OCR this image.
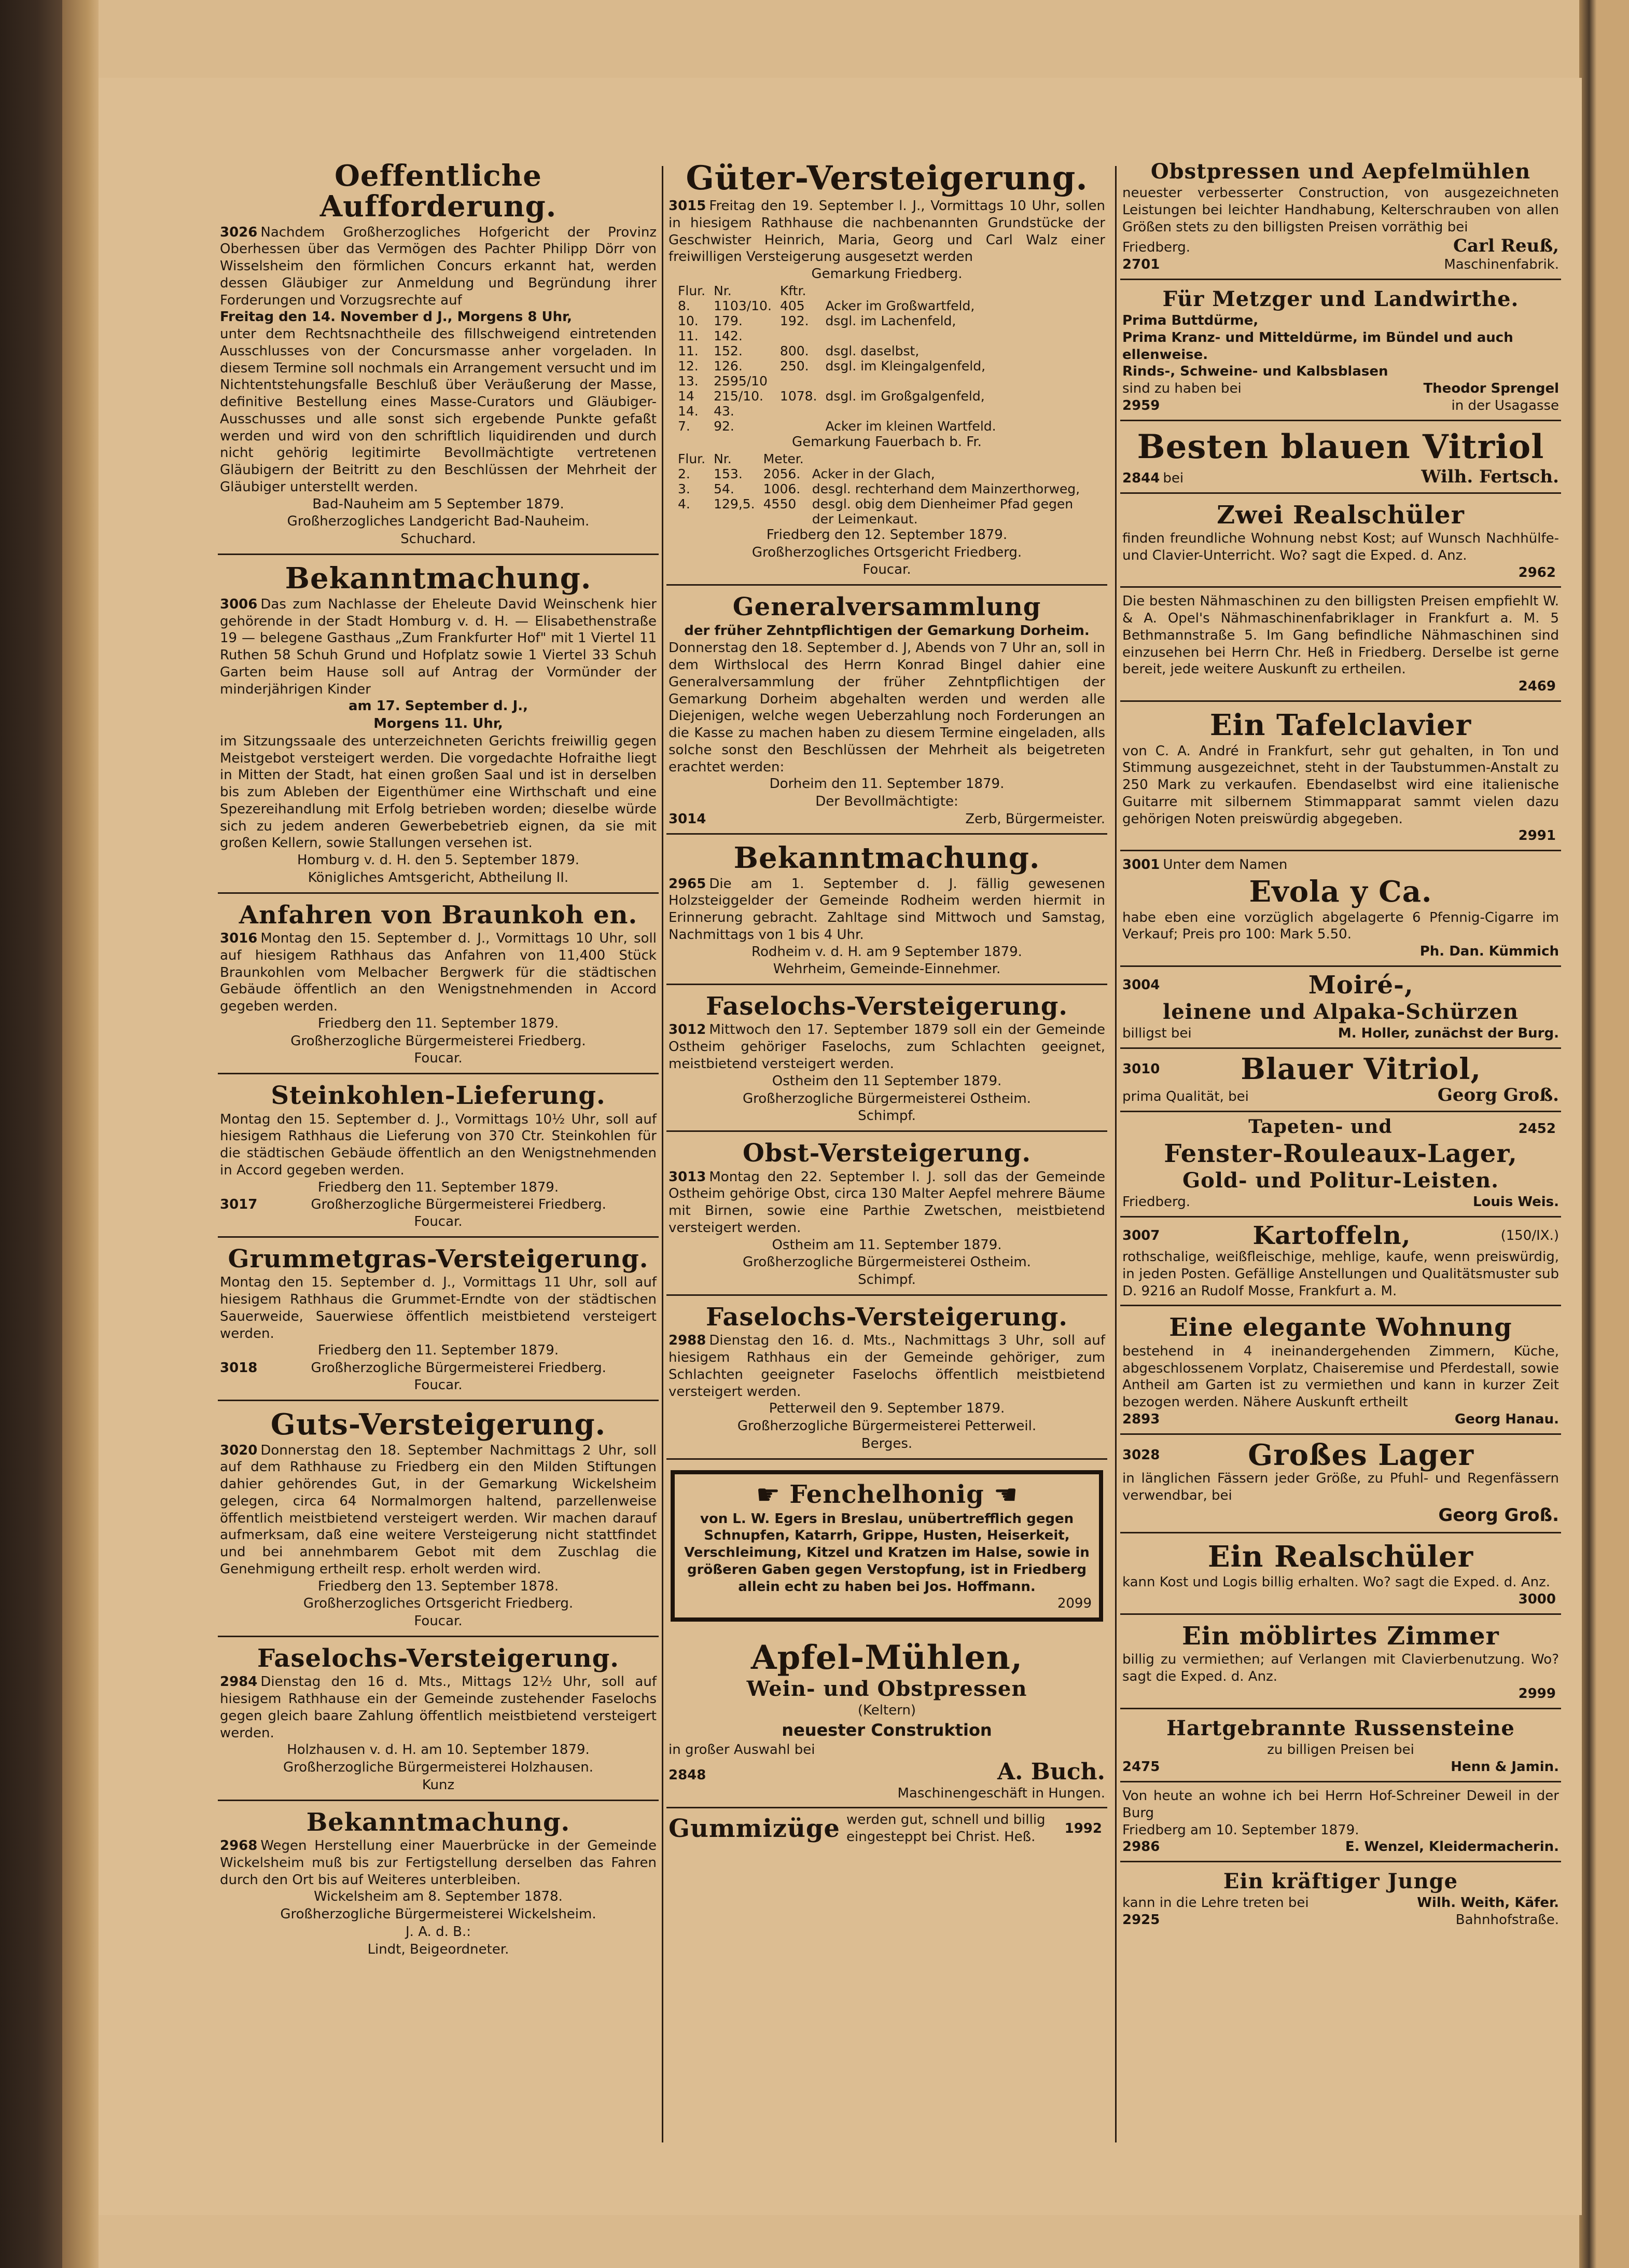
Oeffentliche Aufforderung.
3026 Nachdem Großherzogliches Hofgericht der Provinz Oberhessen über das Vermögen des Pachter Philipp Dörr von Wisselsheim den förmlichen Concurs erkannt hat, werden dessen Gläubiger zur Anmeldung und Begründung ihrer Forderungen und Vorzugsrechte auf
Freitag den 14. November d J., Morgens 8 Uhr,
unter dem Rechtsnachtheile des fillschweigend eintretenden Ausschlusses von der Concursmasse anher vorgeladen. In diesem Termine soll nochmals ein Arrangement versucht und im Nichtentstehungsfalle Beschluß über Veräußerung der Masse, definitive Bestellung eines Masse-Curators und Gläubiger-Ausschusses und alle sonst sich ergebende Punkte gefaßt werden und wird von den schriftlich liquidirenden und durch nicht gehörig legitimirte Bevollmächtigte vertretenen Gläubigern der Beitritt zu den Beschlüssen der Mehrheit der Gläubiger unterstellt werden.
Bad-Nauheim am 5 September 1879.
Großherzogliches Landgericht Bad-Nauheim.
Schuchard.
Bekanntmachung.
3006 Das zum Nachlasse der Eheleute David Weinschenk hier gehörende in der Stadt Homburg v. d. H. — Elisabethenstraße 19 — belegene Gasthaus „Zum Frankfurter Hof" mit 1 Viertel 11 Ruthen 58 Schuh Grund und Hofplatz sowie 1 Viertel 33 Schuh Garten beim Hause soll auf Antrag der Vormünder der minderjährigen Kinder
am 17. September d. J.,
Morgens 11. Uhr,
im Sitzungssaale des unterzeichneten Gerichts freiwillig gegen Meistgebot versteigert werden. Die vorgedachte Hofraithe liegt in Mitten der Stadt, hat einen großen Saal und ist in derselben bis zum Ableben der Eigenthümer eine Wirthschaft und eine Spezereihandlung mit Erfolg betrieben worden; dieselbe würde sich zu jedem anderen Gewerbebetrieb eignen, da sie mit großen Kellern, sowie Stallungen versehen ist.
Homburg v. d. H. den 5. September 1879.
Königliches Amtsgericht, Abtheilung II.
Anfahren von Braunkoh en.
3016 Montag den 15. September d. J., Vormittags 10 Uhr, soll auf hiesigem Rathhaus das Anfahren von 11,400 Stück Braunkohlen vom Melbacher Bergwerk für die städtischen Gebäude öffentlich an den Wenigstnehmenden in Accord gegeben werden.
Friedberg den 11. September 1879.
Großherzogliche Bürgermeisterei Friedberg.
Foucar.
Steinkohlen-Lieferung.
Montag den 15. September d. J., Vormittags 10½ Uhr, soll auf hiesigem Rathhaus die Lieferung von 370 Ctr. Steinkohlen für die städtischen Gebäude öffentlich an den Wenigstnehmenden in Accord gegeben werden.
Friedberg den 11. September 1879.
3017	Großherzogliche Bürgermeisterei Friedberg.
Foucar.
Grummetgras-Versteigerung.
Montag den 15. September d. J., Vormittags 11 Uhr, soll auf hiesigem Rathhaus die Grummet-Erndte von der städtischen Sauerweide, Sauerwiese öffentlich meistbietend versteigert werden.
Friedberg den 11. September 1879.
3018	Großherzogliche Bürgermeisterei Friedberg.
Foucar.
Guts-Versteigerung.
3020 Donnerstag den 18. September Nachmittags 2 Uhr, soll auf dem Rathhause zu Friedberg ein den Milden Stiftungen dahier gehörendes Gut, in der Gemarkung Wickelsheim gelegen, circa 64 Normalmorgen haltend, parzellenweise öffentlich meistbietend versteigert werden. Wir machen darauf aufmerksam, daß eine weitere Versteigerung nicht stattfindet und bei annehmbarem Gebot mit dem Zuschlag die Genehmigung ertheilt resp. erholt werden wird.
Friedberg den 13. September 1878.
Großherzogliches Ortsgericht Friedberg.
Foucar.
Faselochs-Versteigerung.
2984 Dienstag den 16 d. Mts., Mittags 12½ Uhr, soll auf hiesigem Rathhause ein der Gemeinde zustehender Faselochs gegen gleich baare Zahlung öffentlich meistbietend versteigert werden.
Holzhausen v. d. H. am 10. September 1879.
Großherzogliche Bürgermeisterei Holzhausen.
Kunz
Bekanntmachung.
2968 Wegen Herstellung einer Mauerbrücke in der Gemeinde Wickelsheim muß bis zur Fertigstellung derselben das Fahren durch den Ort bis auf Weiteres unterbleiben.
Wickelsheim am 8. September 1878.
Großherzogliche Bürgermeisterei Wickelsheim.
J. A. d. B.:
Lindt, Beigeordneter.
Güter-Versteigerung.
3015 Freitag den 19. September l. J., Vormittags 10 Uhr, sollen in hiesigem Rathhause die nachbenannten Grundstücke der Geschwister Heinrich, Maria, Georg und Carl Walz einer freiwilligen Versteigerung ausgesetzt werden
Gemarkung Friedberg.
Flur.	Nr.	Kftr.	
8.	1103/10.	405	Acker im Großwartfeld,
10.	179.	192.	dsgl. im Lachenfeld,
11.	142.		
11.	152.	800.	dsgl. daselbst,
12.	126.	250.	dsgl. im Kleingalgenfeld,
13.	2595/10		
14	215/10.	1078.	dsgl. im Großgalgenfeld,
14.	43.		
7.	92.		Acker im kleinen Wartfeld.
Gemarkung Fauerbach b. Fr.
Flur.	Nr.	Meter.	
2.	153.	2056.	Acker in der Glach,
3.	54.	1006.	desgl. rechterhand dem Mainzerthorweg,
4.	129,5.	4550	desgl. obig dem Dienheimer Pfad gegen der Leimenkaut.
Friedberg den 12. September 1879.
Großherzogliches Ortsgericht Friedberg.
Foucar.
Generalversammlung
der früher Zehntpflichtigen der Gemarkung Dorheim.
Donnerstag den 18. September d. J, Abends von 7 Uhr an, soll in dem Wirthslocal des Herrn Konrad Bingel dahier eine Generalversammlung der früher Zehntpflichtigen der Gemarkung Dorheim abgehalten werden und werden alle Diejenigen, welche wegen Ueberzahlung noch Forderungen an die Kasse zu machen haben zu diesem Termine eingeladen, alls solche sonst den Beschlüssen der Mehrheit als beigetreten erachtet werden:
Dorheim den 11. September 1879.
Der Bevollmächtigte:
3014	Zerb, Bürgermeister.
Bekanntmachung.
2965 Die am 1. September d. J. fällig gewesenen Holzsteiggelder der Gemeinde Rodheim werden hiermit in Erinnerung gebracht. Zahltage sind Mittwoch und Samstag, Nachmittags von 1 bis 4 Uhr.
Rodheim v. d. H. am 9 September 1879.
Wehrheim, Gemeinde-Einnehmer.
Faselochs-Versteigerung.
3012 Mittwoch den 17. September 1879 soll ein der Gemeinde Ostheim gehöriger Faselochs, zum Schlachten geeignet, meistbietend versteigert werden.
Ostheim den 11 September 1879.
Großherzogliche Bürgermeisterei Ostheim.
Schimpf.
Obst-Versteigerung.
3013 Montag den 22. September l. J. soll das der Gemeinde Ostheim gehörige Obst, circa 130 Malter Aepfel mehrere Bäume mit Birnen, sowie eine Parthie Zwetschen, meistbietend versteigert werden.
Ostheim am 11. September 1879.
Großherzogliche Bürgermeisterei Ostheim.
Schimpf.
Faselochs-Versteigerung.
2988 Dienstag den 16. d. Mts., Nachmittags 3 Uhr, soll auf hiesigem Rathhaus ein der Gemeinde gehöriger, zum Schlachten geeigneter Faselochs öffentlich meistbietend versteigert werden.
Petterweil den 9. September 1879.
Großherzogliche Bürgermeisterei Petterweil.
Berges.
☛ Fenchelhonig ☚
von L. W. Egers in Breslau, unübertrefflich gegen Schnupfen, Katarrh, Grippe, Husten, Heiserkeit, Verschleimung, Kitzel und Kratzen im Halse, sowie in größeren Gaben gegen Verstopfung, ist in Friedberg allein echt zu haben bei Jos. Hoffmann.
2099
Apfel-Mühlen,
Wein- und Obstpressen
(Keltern)
neuester Construktion
in großer Auswahl bei
2848	A. Buch.
Maschinengeschäft in Hungen.
Gummizüge werden gut, schnell und billig eingesteppt bei Christ. Heß.
1992
Obstpressen und Aepfelmühlen
neuester verbesserter Construction, von ausgezeichneten Leistungen bei leichter Handhabung, Kelterschrauben von allen Größen stets zu den billigsten Preisen vorräthig bei
Friedberg.	Carl Reuß,
2701	Maschinenfabrik.
Für Metzger und Landwirthe.
Prima Buttdürme,
Prima Kranz- und Mitteldürme, im Bündel und auch ellenweise.
Rinds-, Schweine- und Kalbsblasen
sind zu haben bei	Theodor Sprengel
2959	in der Usagasse
Besten blauen Vitriol
2844 bei	Wilh. Fertsch.
Zwei Realschüler
finden freundliche Wohnung nebst Kost; auf Wunsch Nachhülfe- und Clavier-Unterricht. Wo? sagt die Exped. d. Anz.
2962
Die besten Nähmaschinen zu den billigsten Preisen empfiehlt W. & A. Opel's Nähmaschinenfabriklager in Frankfurt a. M. 5 Bethmannstraße 5. Im Gang befindliche Nähmaschinen sind einzusehen bei Herrn Chr. Heß in Friedberg. Derselbe ist gerne bereit, jede weitere Auskunft zu ertheilen.
2469
Ein Tafelclavier
von C. A. André in Frankfurt, sehr gut gehalten, in Ton und Stimmung ausgezeichnet, steht in der Taubstummen-Anstalt zu 250 Mark zu verkaufen. Ebendaselbst wird eine italienische Guitarre mit silbernem Stimmapparat sammt vielen dazu gehörigen Noten preiswürdig abgegeben.
2991
3001 Unter dem Namen
Evola y Ca.
habe eben eine vorzüglich abgelagerte 6 Pfennig-Cigarre im Verkauf; Preis pro 100: Mark 5.50.
Ph. Dan. Kümmich
3004	Moiré-,
leinene und Alpaka-Schürzen
billigst bei	M. Holler, zunächst der Burg.
3010	Blauer Vitriol,
prima Qualität, bei	Georg Groß.
Tapeten- und	2452
Fenster-Rouleaux-Lager,
Gold- und Politur-Leisten.
Friedberg.	Louis Weis.
3007	Kartoffeln,	(150/IX.)
rothschalige, weißfleischige, mehlige, kaufe, wenn preiswürdig, in jeden Posten. Gefällige Anstellungen und Qualitätsmuster sub D. 9216 an Rudolf Mosse, Frankfurt a. M.
Eine elegante Wohnung
bestehend in 4 ineinandergehenden Zimmern, Küche, abgeschlossenem Vorplatz, Chaiseremise und Pferdestall, sowie Antheil am Garten ist zu vermiethen und kann in kurzer Zeit bezogen werden. Nähere Auskunft ertheilt
2893	Georg Hanau.
3028	Großes Lager
in länglichen Fässern jeder Größe, zu Pfuhl- und Regenfässern verwendbar, bei
Georg Groß.
Ein Realschüler
kann Kost und Logis billig erhalten. Wo? sagt die Exped. d. Anz.
3000
Ein möblirtes Zimmer
billig zu vermiethen; auf Verlangen mit Clavierbenutzung. Wo? sagt die Exped. d. Anz.
2999
Hartgebrannte Russensteine
zu billigen Preisen bei
2475	Henn & Jamin.
Von heute an wohne ich bei Herrn Hof-Schreiner Deweil in der Burg
Friedberg am 10. September 1879.
2986	E. Wenzel, Kleidermacherin.
Ein kräftiger Junge
kann in die Lehre treten bei	Wilh. Weith, Käfer.
2925	Bahnhofstraße.
